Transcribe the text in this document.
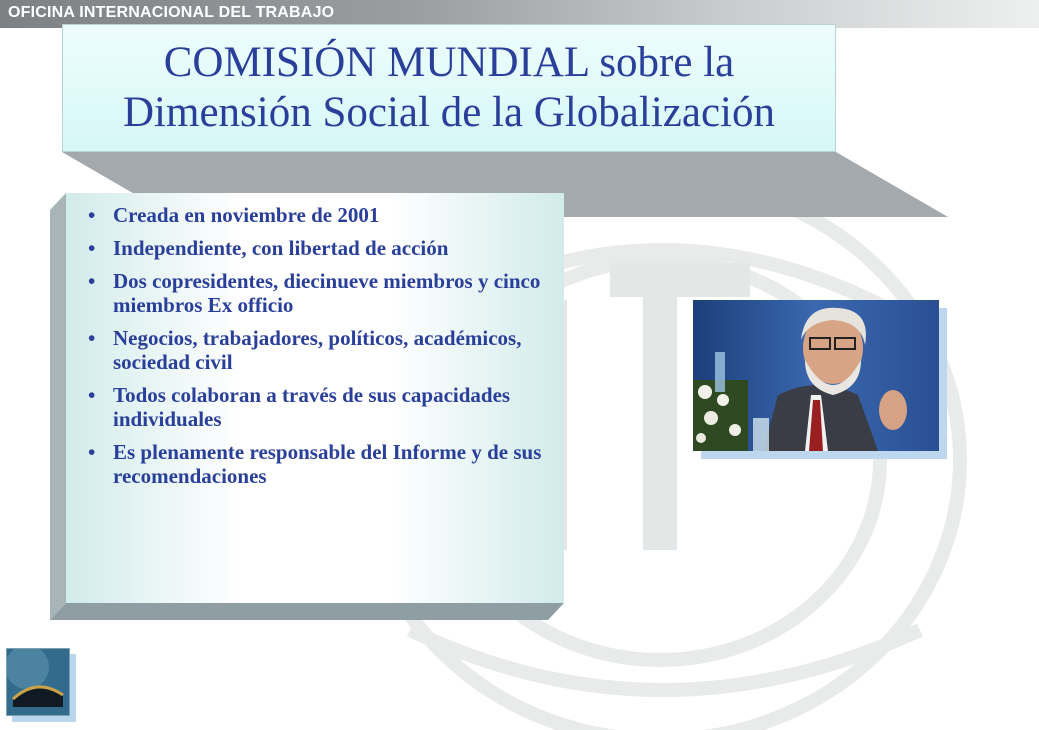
OFICINA INTERNACIONAL DEL TRABAJO

COMISIÓN MUNDIAL sobre la
Dimensión Social de la Globalización

• Creada en noviembre de 2001
• Independiente, con libertad de acción
• Dos copresidentes, diecinueve miembros y cinco miembros Ex officio
• Negocios, trabajadores, políticos, académicos, sociedad civil
• Todos colaboran a través de sus capacidades individuales
• Es plenamente responsable del Informe y de sus recomendaciones
